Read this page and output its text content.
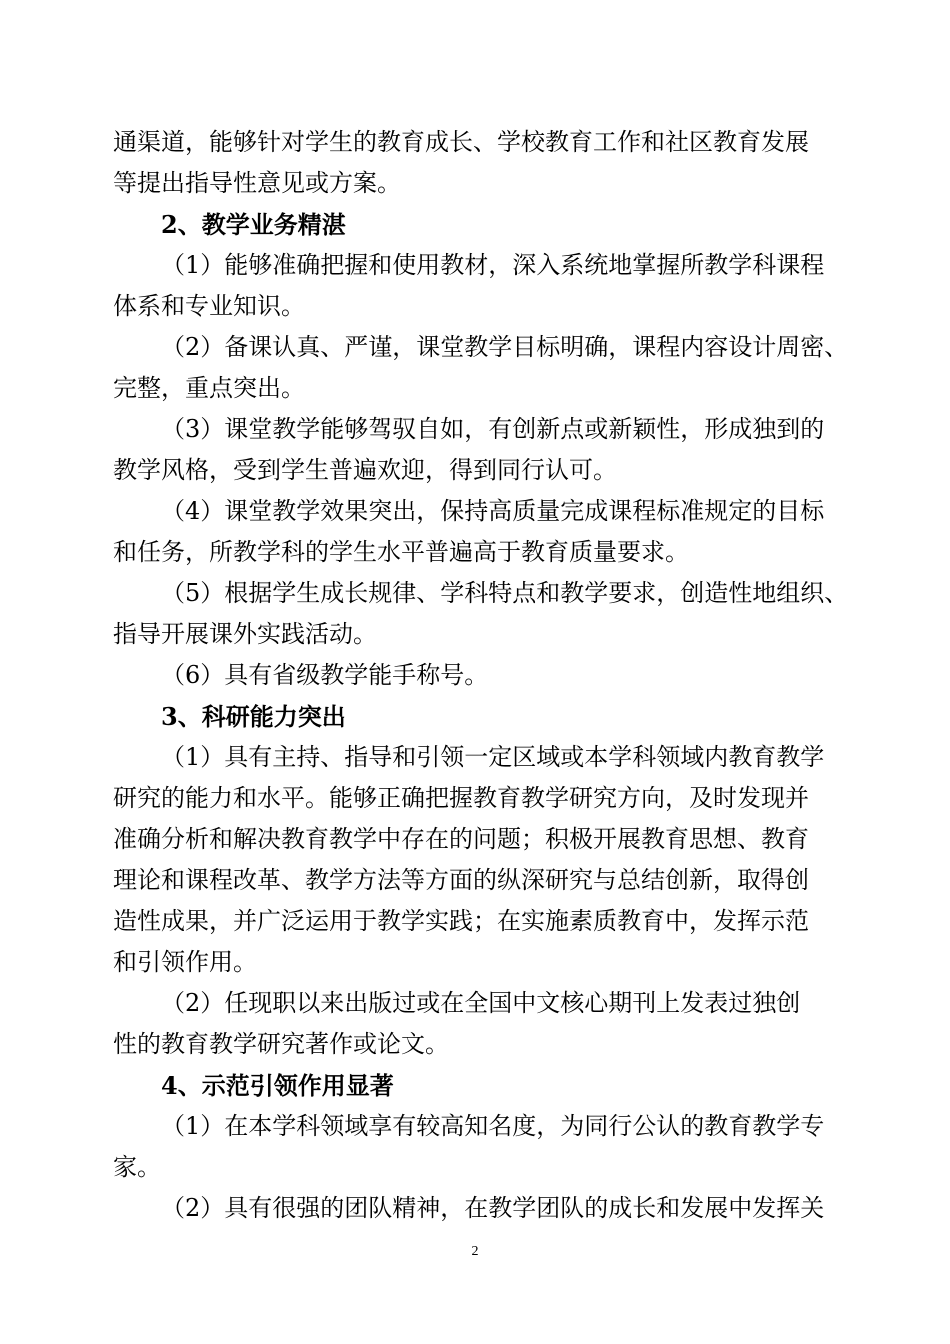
通渠道，能够针对学生的教育成长、学校教育工作和社区教育发展
等提出指导性意见或方案。
2、教学业务精湛
（1）能够准确把握和使用教材，深入系统地掌握所教学科课程
体系和专业知识。
（2）备课认真、严谨，课堂教学目标明确，课程内容设计周密、
完整，重点突出。
（3）课堂教学能够驾驭自如，有创新点或新颖性，形成独到的
教学风格，受到学生普遍欢迎，得到同行认可。
（4）课堂教学效果突出，保持高质量完成课程标准规定的目标
和任务，所教学科的学生水平普遍高于教育质量要求。
（5）根据学生成长规律、学科特点和教学要求，创造性地组织、
指导开展课外实践活动。
（6）具有省级教学能手称号。
3、科研能力突出
（1）具有主持、指导和引领一定区域或本学科领域内教育教学
研究的能力和水平。能够正确把握教育教学研究方向，及时发现并
准确分析和解决教育教学中存在的问题；积极开展教育思想、教育
理论和课程改革、教学方法等方面的纵深研究与总结创新，取得创
造性成果，并广泛运用于教学实践；在实施素质教育中，发挥示范
和引领作用。
（2）任现职以来出版过或在全国中文核心期刊上发表过独创
性的教育教学研究著作或论文。
4、示范引领作用显著
（1）在本学科领域享有较高知名度，为同行公认的教育教学专
家。
（2）具有很强的团队精神，在教学团队的成长和发展中发挥关
2
